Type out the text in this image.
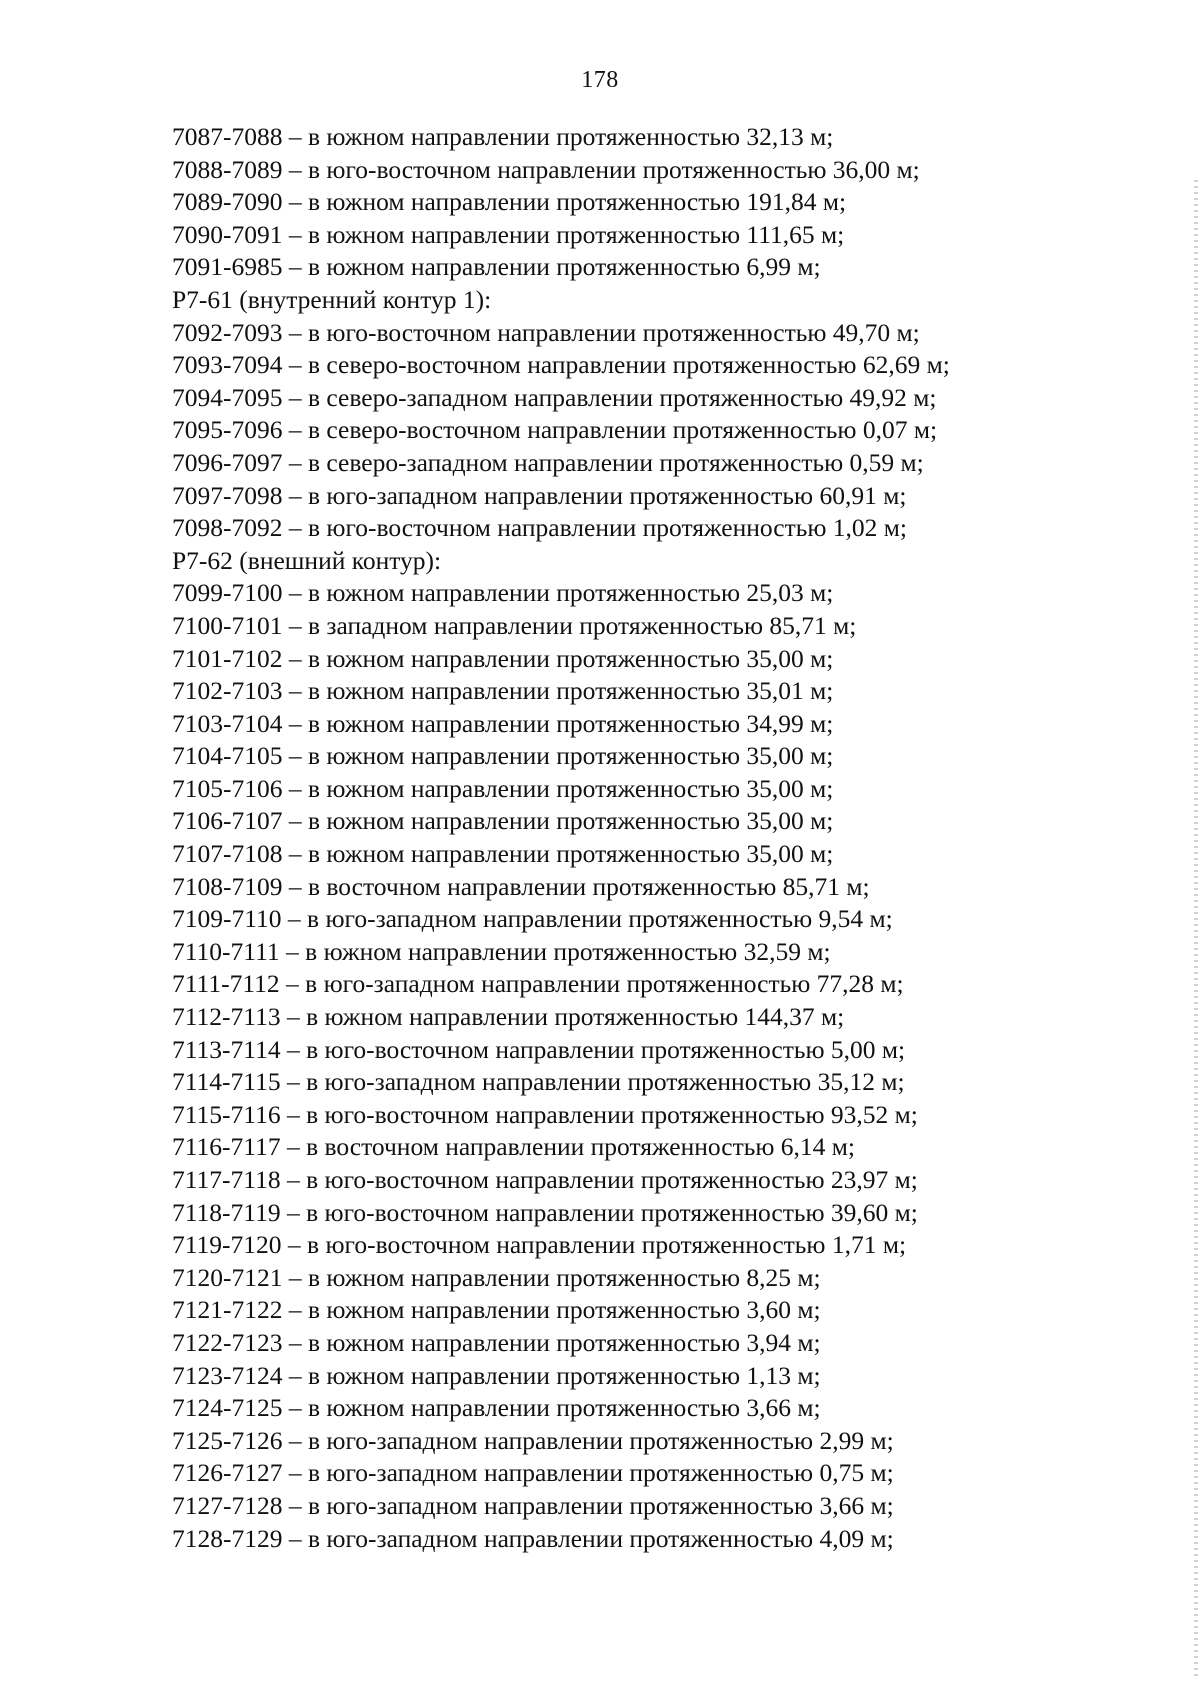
178
7087-7088 – в южном направлении протяженностью 32,13 м;
7088-7089 – в юго-восточном направлении протяженностью 36,00 м;
7089-7090 – в южном направлении протяженностью 191,84 м;
7090-7091 – в южном направлении протяженностью 111,65 м;
7091-6985 – в южном направлении протяженностью 6,99 м;
Р7-61 (внутренний контур 1):
7092-7093 – в юго-восточном направлении протяженностью 49,70 м;
7093-7094 – в северо-восточном направлении протяженностью 62,69 м;
7094-7095 – в северо-западном направлении протяженностью 49,92 м;
7095-7096 – в северо-восточном направлении протяженностью 0,07 м;
7096-7097 – в северо-западном направлении протяженностью 0,59 м;
7097-7098 – в юго-западном направлении протяженностью 60,91 м;
7098-7092 – в юго-восточном направлении протяженностью 1,02 м;
Р7-62 (внешний контур):
7099-7100 – в южном направлении протяженностью 25,03 м;
7100-7101 – в западном направлении протяженностью 85,71 м;
7101-7102 – в южном направлении протяженностью 35,00 м;
7102-7103 – в южном направлении протяженностью 35,01 м;
7103-7104 – в южном направлении протяженностью 34,99 м;
7104-7105 – в южном направлении протяженностью 35,00 м;
7105-7106 – в южном направлении протяженностью 35,00 м;
7106-7107 – в южном направлении протяженностью 35,00 м;
7107-7108 – в южном направлении протяженностью 35,00 м;
7108-7109 – в восточном направлении протяженностью 85,71 м;
7109-7110 – в юго-западном направлении протяженностью 9,54 м;
7110-7111 – в южном направлении протяженностью 32,59 м;
7111-7112 – в юго-западном направлении протяженностью 77,28 м;
7112-7113 – в южном направлении протяженностью 144,37 м;
7113-7114 – в юго-восточном направлении протяженностью 5,00 м;
7114-7115 – в юго-западном направлении протяженностью 35,12 м;
7115-7116 – в юго-восточном направлении протяженностью 93,52 м;
7116-7117 – в восточном направлении протяженностью 6,14 м;
7117-7118 – в юго-восточном направлении протяженностью 23,97 м;
7118-7119 – в юго-восточном направлении протяженностью 39,60 м;
7119-7120 – в юго-восточном направлении протяженностью 1,71 м;
7120-7121 – в южном направлении протяженностью 8,25 м;
7121-7122 – в южном направлении протяженностью 3,60 м;
7122-7123 – в южном направлении протяженностью 3,94 м;
7123-7124 – в южном направлении протяженностью 1,13 м;
7124-7125 – в южном направлении протяженностью 3,66 м;
7125-7126 – в юго-западном направлении протяженностью 2,99 м;
7126-7127 – в юго-западном направлении протяженностью 0,75 м;
7127-7128 – в юго-западном направлении протяженностью 3,66 м;
7128-7129 – в юго-западном направлении протяженностью 4,09 м;
